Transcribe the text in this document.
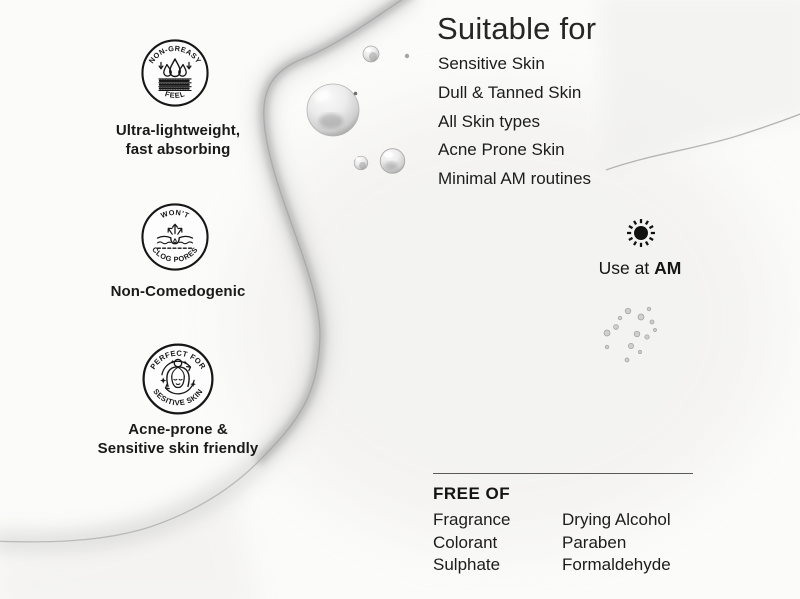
NON-GREASY
FEEL
Ultra-lightweight,
fast absorbing
WON'T
CLOG PORES
Non-Comedogenic
PERFECT FOR
SESITIVE SKIN
Acne-prone &
Sensitive skin friendly
Suitable for
Sensitive Skin
Dull & Tanned Skin
All Skin types
Acne Prone Skin
Minimal AM routines
Use at AM
FREE OF
Fragrance
Colorant
Sulphate
Drying Alcohol
Paraben
Formaldehyde
